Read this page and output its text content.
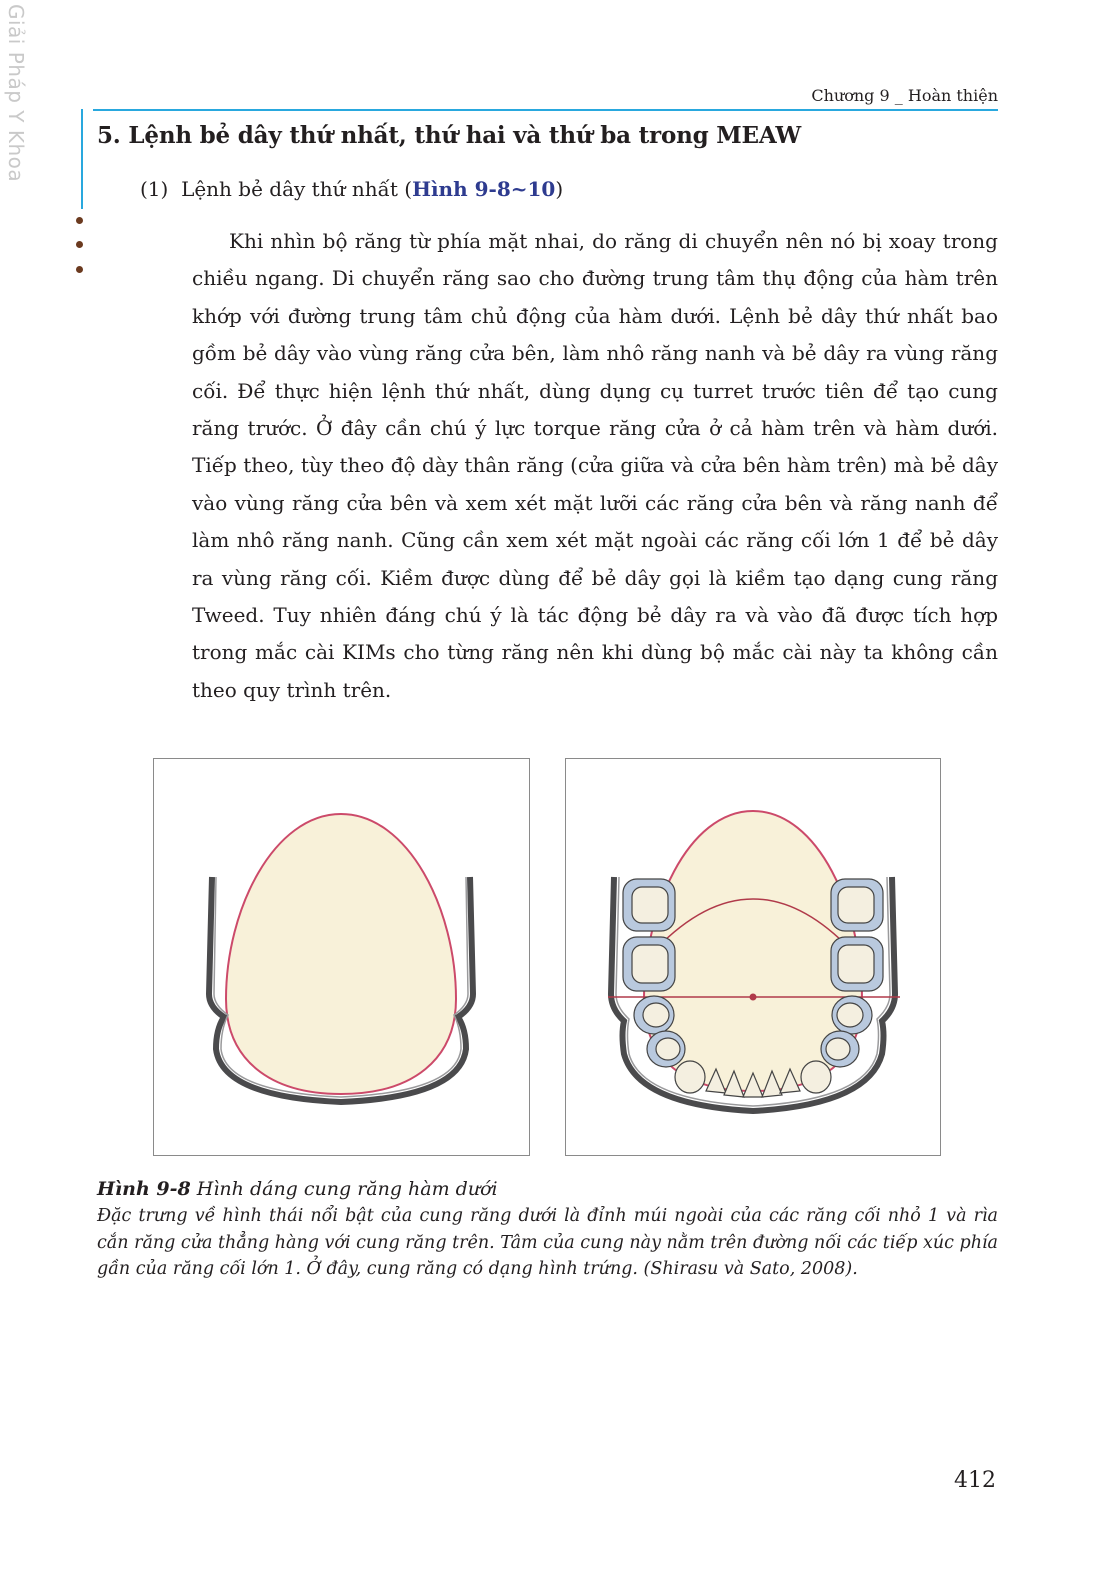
Giải Pháp Y Khoa	Chương 9 _ Hoàn thiện
5. Lệnh bẻ dây thứ nhất, thứ hai và thứ ba trong MEAW
(1) Lệnh bẻ dây thứ nhất (Hình 9-8~10)
Khi nhìn bộ răng từ phía mặt nhai, do răng di chuyển nên nó bị xoay trong chiều ngang. Di chuyển răng sao cho đường trung tâm thụ động của hàm trên khớp với đường trung tâm chủ động của hàm dưới. Lệnh bẻ dây thứ nhất bao gồm bẻ dây vào vùng răng cửa bên, làm nhô răng nanh và bẻ dây ra vùng răng cối. Để thực hiện lệnh thứ nhất, dùng dụng cụ turret trước tiên để tạo cung răng trước. Ở đây cần chú ý lực torque răng cửa ở cả hàm trên và hàm dưới. Tiếp theo, tùy theo độ dày thân răng (cửa giữa và cửa bên hàm trên) mà bẻ dây vào vùng răng cửa bên và xem xét mặt lưỡi các răng cửa bên và răng nanh để làm nhô răng nanh. Cũng cần xem xét mặt ngoài các răng cối lớn 1 để bẻ dây ra vùng răng cối. Kiềm được dùng để bẻ dây gọi là kiềm tạo dạng cung răng Tweed. Tuy nhiên đáng chú ý là tác động bẻ dây ra và vào đã được tích hợp trong mắc cài KIMs cho từng răng nên khi dùng bộ mắc cài này ta không cần theo quy trình trên.
Hình 9-8 Hình dáng cung răng hàm dưới
Đặc trưng về hình thái nổi bật của cung răng dưới là đỉnh múi ngoài của các răng cối nhỏ 1 và rìa cắn răng cửa thẳng hàng với cung răng trên. Tâm của cung này nằm trên đường nối các tiếp xúc phía gần của răng cối lớn 1. Ở đây, cung răng có dạng hình trứng. (Shirasu và Sato, 2008).
412
